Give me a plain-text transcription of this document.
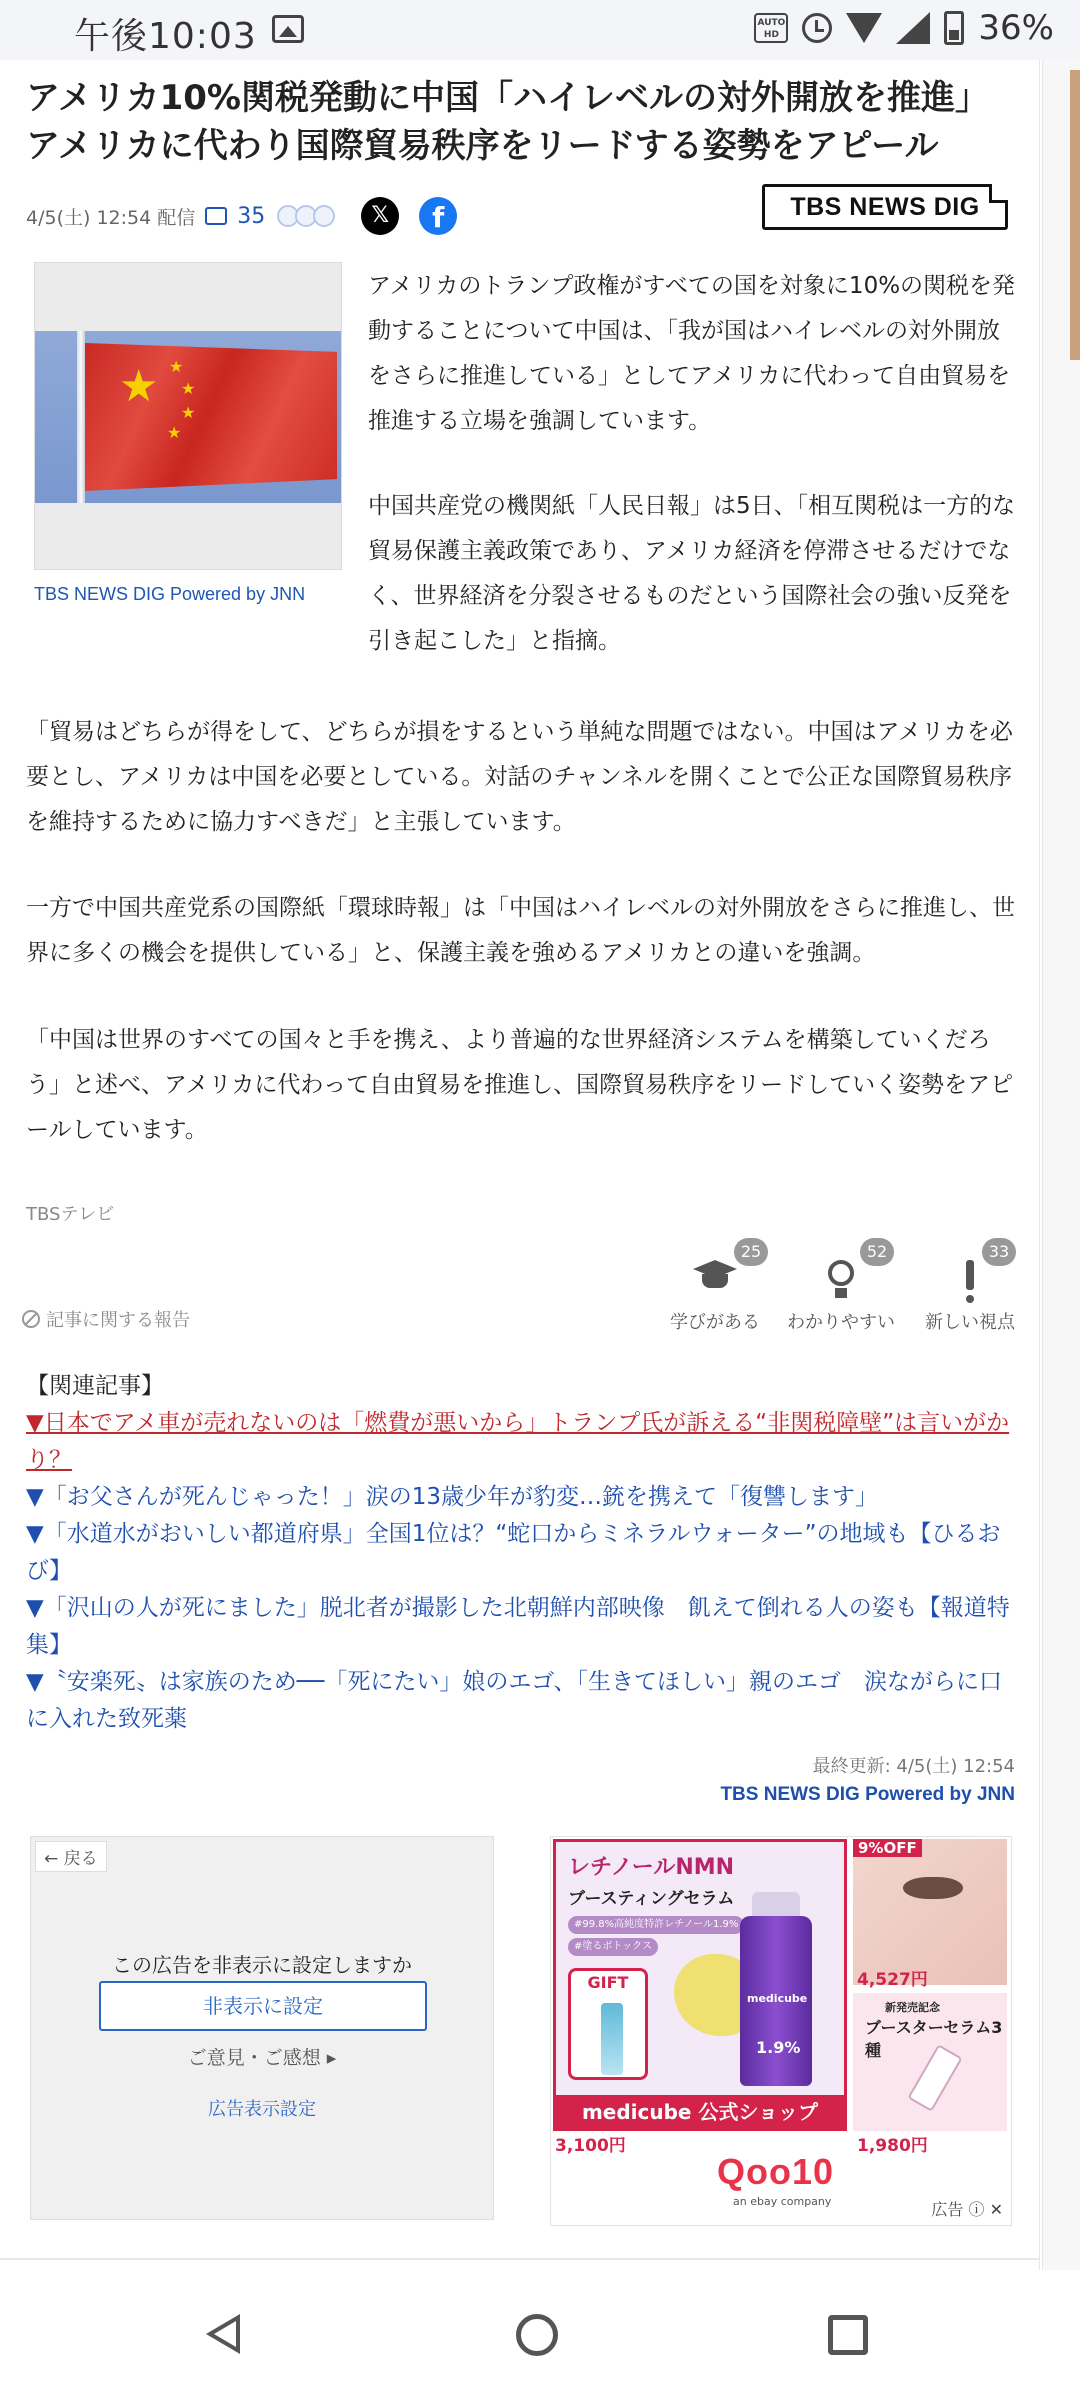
午後10:03	AUTO HD	36%
アメリカ10%関税発動に中国「ハイレベルの対外開放を推進」 アメリカに代わり国際貿易秩序をリードする姿勢をアピール
4/5(土) 12:54 配信 35	𝕏	f	TBS NEWS DIG
★ ★
★
★
★
TBS NEWS DIG Powered by JNN

アメリカのトランプ政権がすべての国を対象に10%の関税を発動することについて中国は、「我が国はハイレベルの対外開放をさらに推進している」としてアメリカに代わって自由貿易を推進する立場を強調しています。

中国共産党の機関紙「人民日報」は5日、「相互関税は一方的な貿易保護主義政策であり、アメリカ経済を停滞させるだけでなく、世界経済を分裂させるものだという国際社会の強い反発を引き起こした」と指摘。

「貿易はどちらが得をして、どちらが損をするという単純な問題ではない。中国はアメリカを必要とし、アメリカは中国を必要としている。対話のチャンネルを開くことで公正な国際貿易秩序を維持するために協力すべきだ」と主張しています。

一方で中国共産党系の国際紙「環球時報」は「中国はハイレベルの対外開放をさらに推進し、世界に多くの機会を提供している」と、保護主義を強めるアメリカとの違いを強調。

「中国は世界のすべての国々と手を携え、より普遍的な世界経済システムを構築していくだろう」と述べ、アメリカに代わって自由貿易を推進し、国際貿易秩序をリードしていく姿勢をアピールしています。

TBSテレビ
記事に関する報告
25
学びがある
52
わかりやすい
33
新しい視点
【関連記事】
▼日本でアメ車が売れないのは「燃費が悪いから」トランプ氏が訴える“非関税障壁”は言いがかり？
▼「お父さんが死んじゃった！」涙の13歳少年が豹変…銃を携えて「復讐します」
▼「水道水がおいしい都道府県」全国1位は？“蛇口からミネラルウォーター”の地域も【ひるおび】
▼「沢山の人が死にました」脱北者が撮影した北朝鮮内部映像　飢えて倒れる人の姿も【報道特集】
▼〝安楽死〟は家族のため──「死にたい」娘のエゴ、「生きてほしい」親のエゴ　涙ながらに口に入れた致死薬
最終更新: 4/5(土) 12:54
TBS NEWS DIG Powered by JNN
← 戻る
この広告を非表示に設定しますか
非表示に設定
ご意見・ご感想 ▸
広告表示設定
レチノールNMN
ブースティングセラム
#99.8%高純度特許レチノール1.9%
#塗るボトックス
GIFT
medicube
1.9%
medicube 公式ショップ
3,100円
9%OFF
4,527円
新発売記念
ブースターセラム3種
1,980円
Qoo10
an ebay company	広告 ⓘ ✕
